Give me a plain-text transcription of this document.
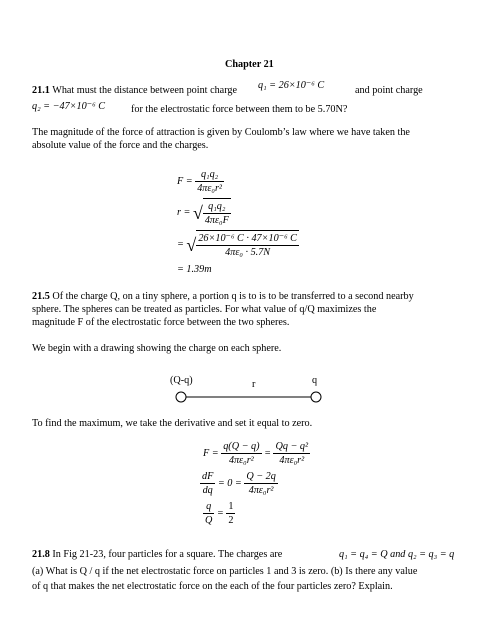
Chapter 21
21.1 What must the distance between point charge q₁ = 26×10⁻⁶ C	and point charge
q₂ = −47×10⁻⁶ C	for the electrostatic force between them to be 5.70N?
The magnitude of the force of attraction is given by Coulomb’s law where we have taken the
absolute value of the force and the charges.
$F = \frac{\text{q₁q₂}}{\text{4πε₀r²}}$
r = √ $\frac{\text{q₁q₂}}{\text{4πε₀F}}$
= √ $\frac{\text{26×10⁻⁶ C · 47×10⁻⁶ C}}{\text{4πε₀ · 5.7N}}$
= 1.39m
21.5 Of the charge Q, on a tiny sphere, a portion q is to is to be transferred to a second nearby
sphere. The spheres can be treated as particles. For what value of q/Q maximizes the
magnitude F of the electrostatic force between the two spheres.
We begin with a drawing showing the charge on each sphere.
(Q-q)	r	q
To find the maximum, we take the derivative and set it equal to zero.
$F = \frac{q(Q - q)}{\text{4πε₀r²}} = \frac{\text{Qq − q²}}{\text{4πε₀r²}}$
$\frac{dF}{dq} = 0 = \frac{Q - 2q}{\text{4πε₀r²}}$
$\frac{q}{Q} = \frac{1}{2}$
21.8 In Fig 21-23, four particles for a square. The charges are	q₁ = q₄ = Q and q₂ = q₃ = q
(a) What is Q / q if the net electrostatic force on particles 1 and 3 is zero. (b) Is there any value
of q that makes the net electrostatic force on the each of the four particles zero? Explain.
